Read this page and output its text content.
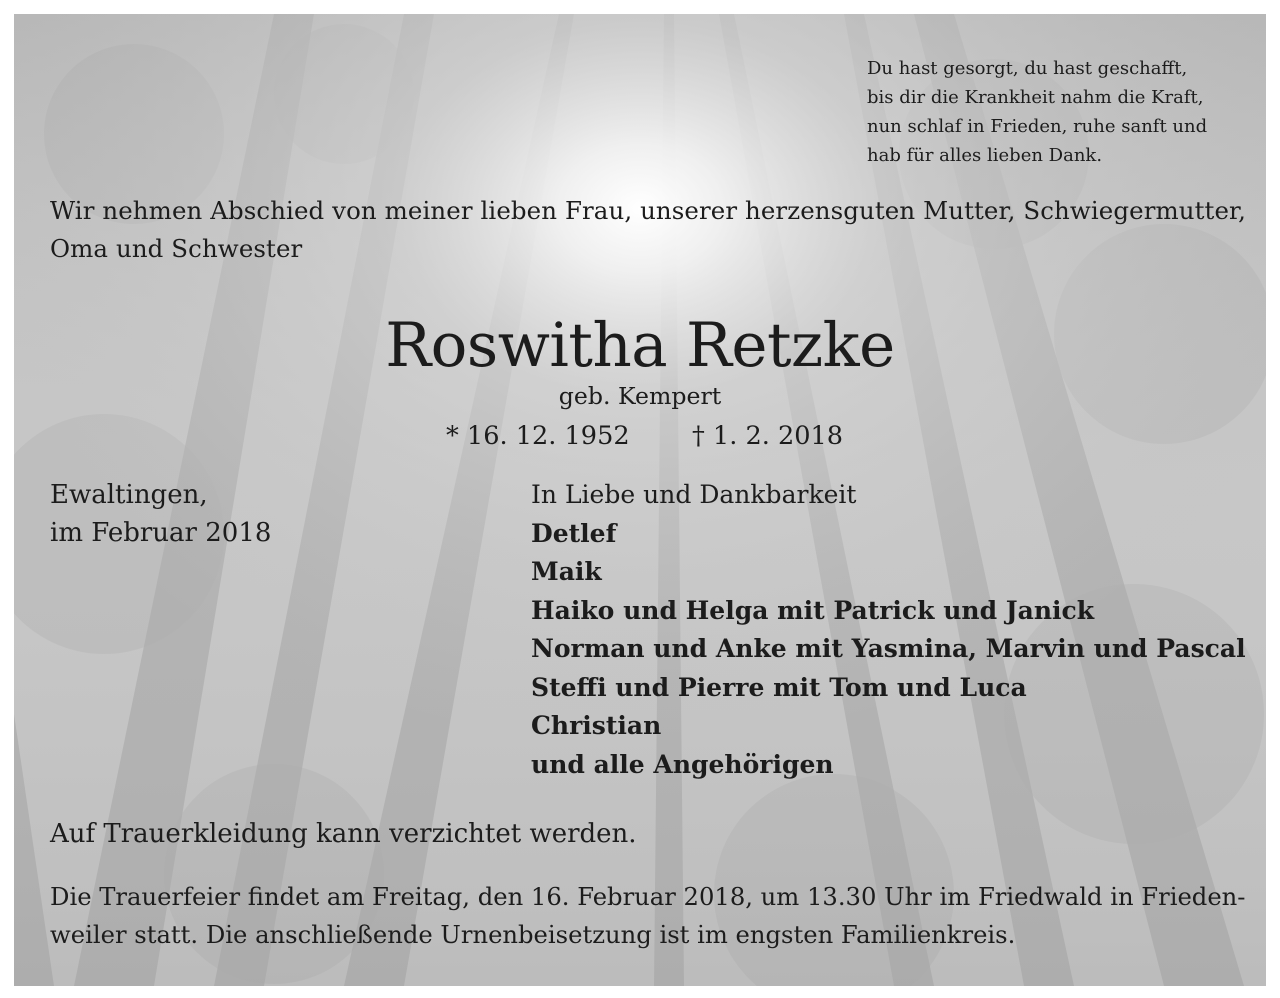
Du hast gesorgt, du hast geschafft,
bis dir die Krankheit nahm die Kraft,
nun schlaf in Frieden, ruhe sanft und
hab für alles lieben Dank.
Wir nehmen Abschied von meiner lieben Frau, unserer herzensguten Mutter, Schwiegermutter,
Oma und Schwester
Roswitha Retzke
geb. Kempert
* 16. 12. 1952 † 1. 2. 2018
Ewaltingen,
im Februar 2018
In Liebe und Dankbarkeit
Detlef
Maik
Haiko und Helga mit Patrick und Janick
Norman und Anke mit Yasmina, Marvin und Pascal
Steffi und Pierre mit Tom und Luca
Christian
und alle Angehörigen
Auf Trauerkleidung kann verzichtet werden.
Die Trauerfeier findet am Freitag, den 16. Februar 2018, um 13.30 Uhr im Friedwald in Frieden-
weiler statt. Die anschließende Urnenbeisetzung ist im engsten Familienkreis.
